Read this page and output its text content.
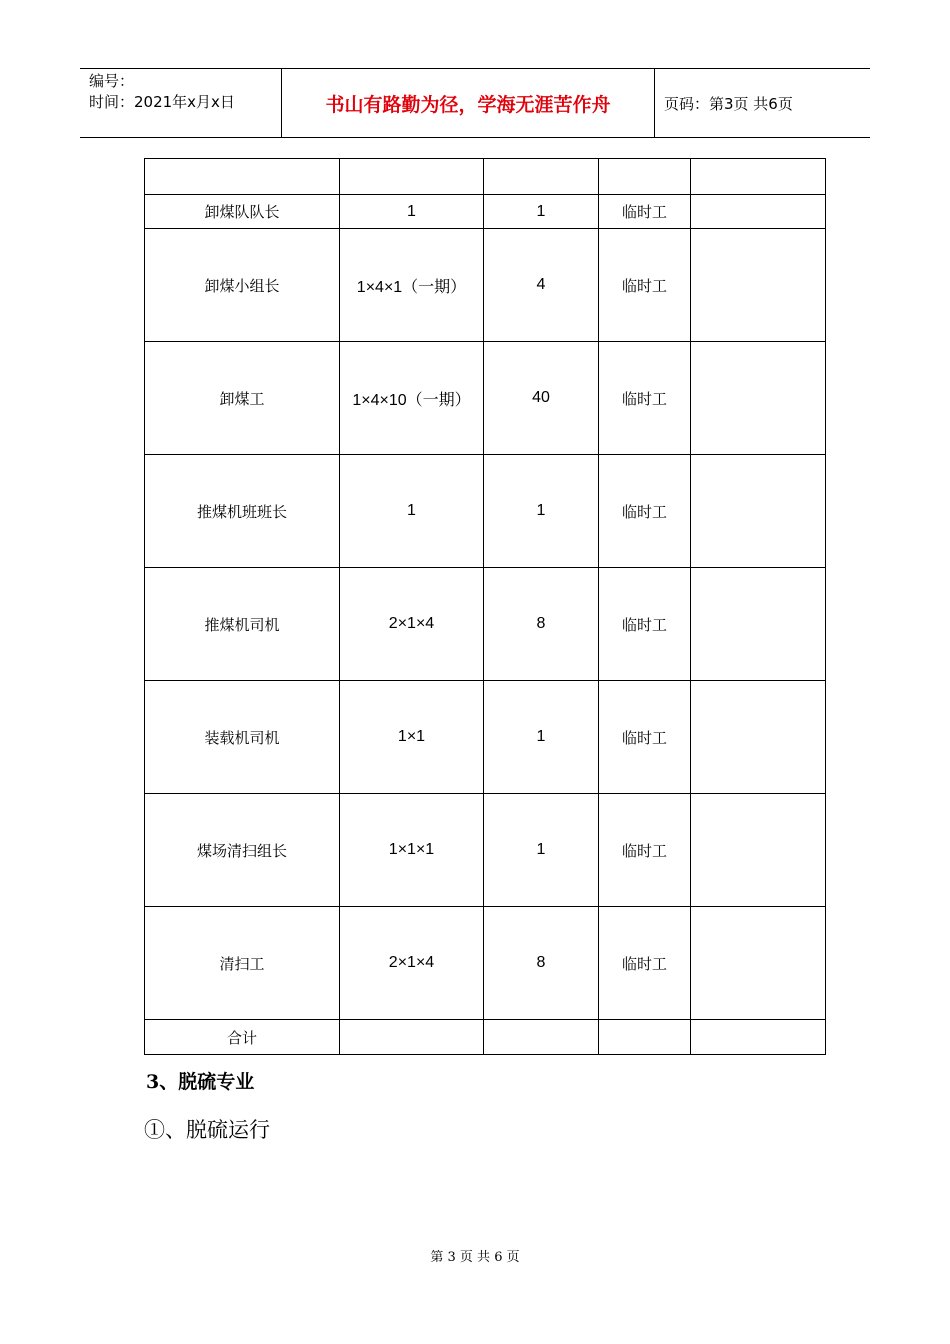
编号：
时间：2021年x月x日	书山有路勤为径，学海无涯苦作舟	页码：第3页 共6页

卸煤队队长	1	1	临时工	
卸煤小组长	1×4×1（一期）	4	临时工	
卸煤工	1×4×10（一期）	40	临时工	
推煤机班班长	1	1	临时工	
推煤机司机	2×1×4	8	临时工	
装载机司机	1×1	1	临时工	
煤场清扫组长	1×1×1	1	临时工	
清扫工	2×1×4	8	临时工	
合计				
3、脱硫专业
①、脱硫运行
第 3 页 共 6 页
